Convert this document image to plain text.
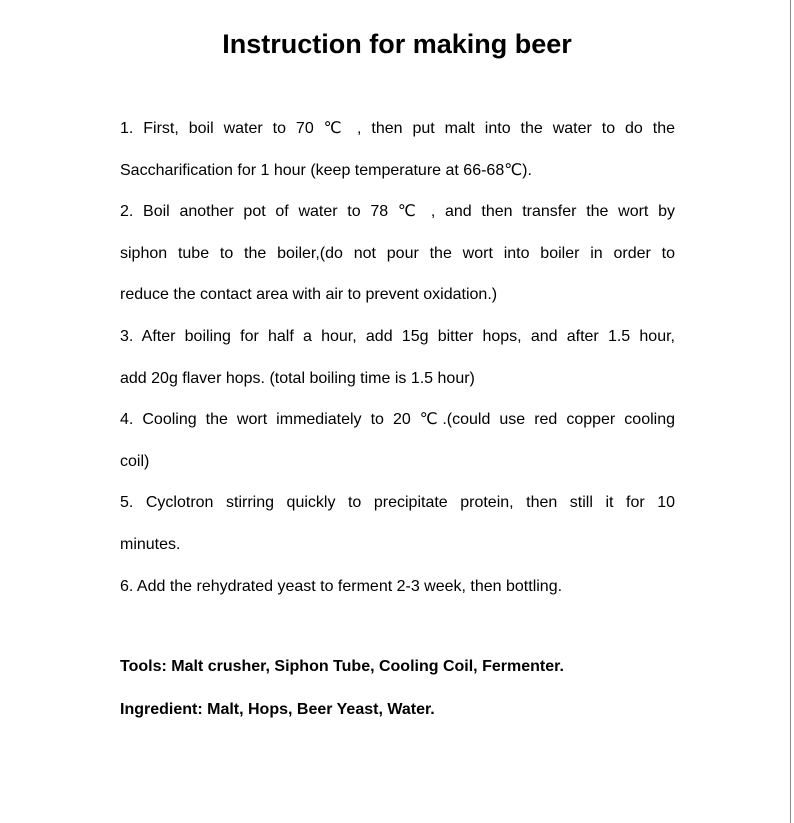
Instruction for making beer
1. First, boil water to 70 ℃ , then put malt into the water to do the
Saccharification for 1 hour (keep temperature at 66-68℃).
2. Boil another pot of water to 78 ℃ , and then transfer the wort by
siphon tube to the boiler,(do not pour the wort into boiler in order to
reduce the contact area with air to prevent oxidation.)
3. After boiling for half a hour, add 15g bitter hops, and after 1.5 hour,
add 20g flaver hops. (total boiling time is 1.5 hour)
4. Cooling the wort immediately to 20 ℃.(could use red copper cooling
coil)
5. Cyclotron stirring quickly to precipitate protein, then still it for 10
minutes.
6. Add the rehydrated yeast to ferment 2-3 week, then bottling.
Tools: Malt crusher, Siphon Tube, Cooling Coil, Fermenter.
Ingredient: Malt, Hops, Beer Yeast, Water.
